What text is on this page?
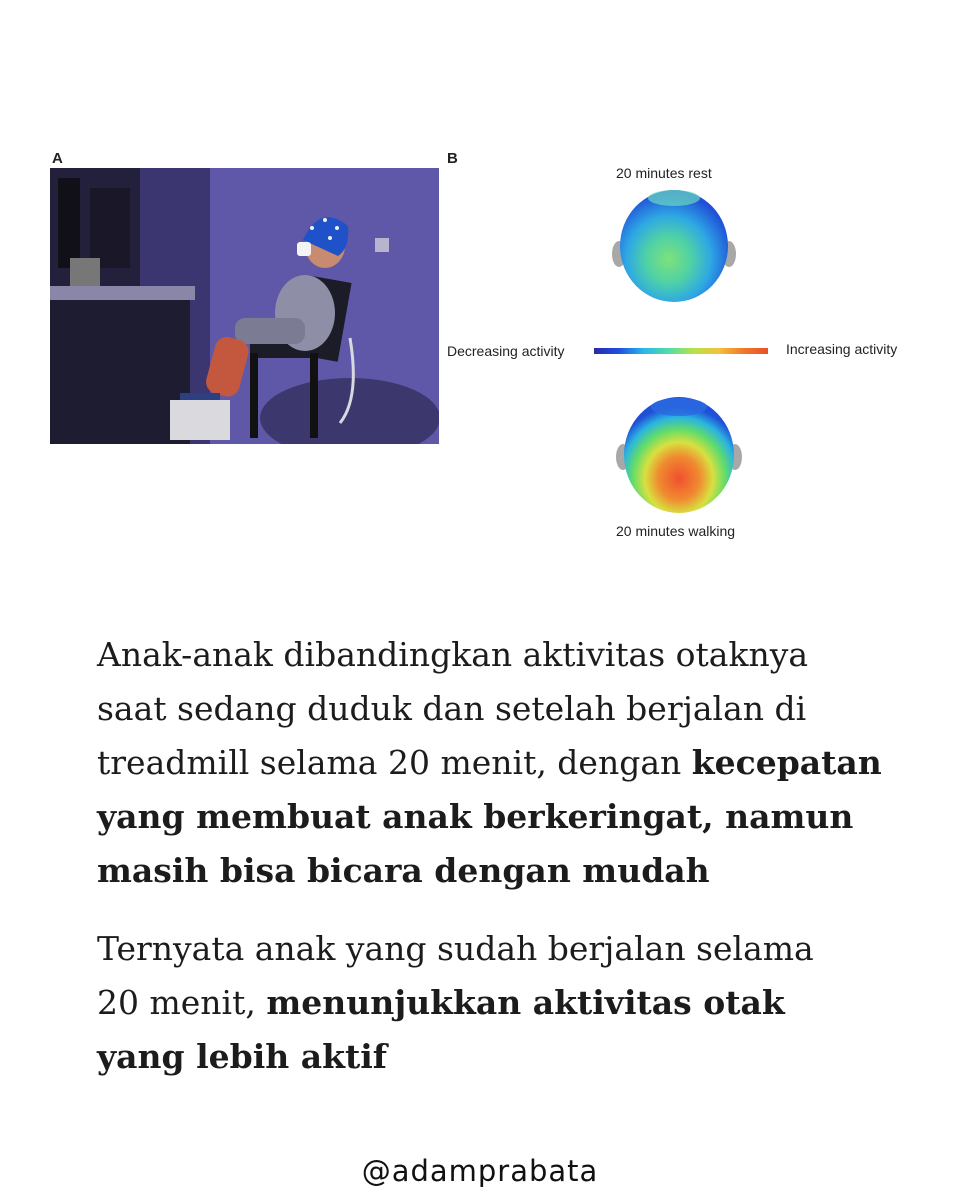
A	B
20 minutes rest
Decreasing activity	Increasing activity
20 minutes walking

Anak-anak dibandingkan aktivitas otaknya saat sedang duduk dan setelah berjalan di treadmill selama 20 menit, dengan kecepatan yang membuat anak berkeringat, namun masih bisa bicara dengan mudah

Ternyata anak yang sudah berjalan selama 20 menit, menunjukkan aktivitas otak yang lebih aktif

@adamprabata
